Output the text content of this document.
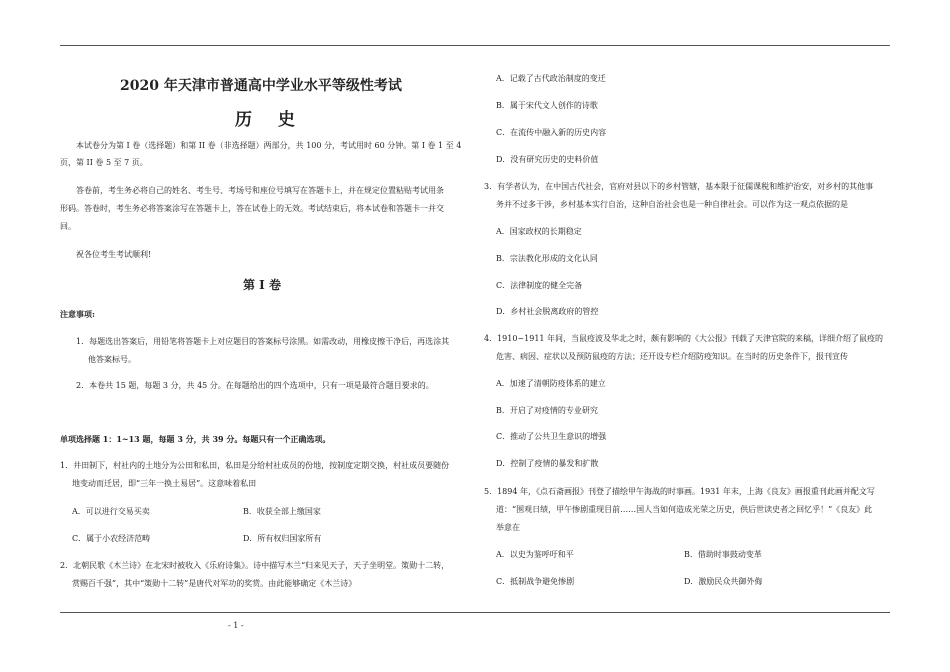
2020 年天津市普通高中学业水平等级性考试
历 史
本试卷分为第 I 卷（选择题）和第 II 卷（非选择题）两部分，共 100 分，考试用时 60 分钟。第 I 卷 1 至 4
页，第 II 卷 5 至 7 页。
答卷前，考生务必将自己的姓名、考生号、考场号和座位号填写在答题卡上，并在规定位置粘贴考试用条
形码。答卷时，考生务必将答案涂写在答题卡上，答在试卷上的无效。考试结束后，将本试卷和答题卡一并交
回。
祝各位考生考试顺利!
第 I 卷
注意事项:
1．每题选出答案后，用铅笔将答题卡上对应题目的答案标号涂黑。如需改动，用橡皮擦干净后，再选涂其
他答案标号。
2．本卷共 15 题，每题 3 分，共 45 分。在每题给出的四个选项中，只有一项是最符合题目要求的。
单项选择题 1：1~13 题，每题 3 分，共 39 分。每题只有一个正确选项。
1．井田制下，村社内的土地分为公田和私田，私田是分给村社成员的份地，按制度定期交换，村社成员要随份
地变动而迁居，即“三年一换土易居”。这意味着私田
A．可以进行交易买卖	B．收获全部上缴国家
C．属于小农经济范畴	D．所有权归国家所有
2．北朝民歌《木兰诗》在北宋时被收入《乐府诗集》。诗中描写木兰“归来见天子，天子坐明堂。策勋十二转，
赏赐百千强”，其中“策勋十二转”是唐代对军功的奖赏。由此能够确定《木兰诗》
A．记载了古代政治制度的变迁
B．属于宋代文人创作的诗歌
C．在流传中融入新的历史内容
D．没有研究历史的史料价值
3．有学者认为，在中国古代社会，官府对县以下的乡村管辖，基本限于征儒课税和维护治安，对乡村的其他事
务并不过多干涉，乡村基本实行自治，这种自治社会也是一种自律社会。可以作为这一观点依据的是
A．国家政权的长期稳定
B．宗法教化形成的文化认同
C．法律制度的健全完备
D．乡村社会脱离政府的管控
4．1910~1911 年间，当鼠疫波及华北之时，颇有影响的《大公报》刊载了天津官院的来稿，详细介绍了鼠疫的
危害、病因、症状以及预防鼠疫的方法；还开设专栏介绍防疫知识。在当时的历史条件下，报刊宣传
A．加速了清朝防疫体系的建立
B．开启了对疫情的专业研究
C．推动了公共卫生意识的增强
D．控制了疫情的暴发和扩散
5．1894 年，《点石斋画报》刊登了描绘甲午海战的时事画。1931 年末，上海《良友》画报重刊此画并配文写
道：“围观日绩，甲午惨剧重现目前……国人当如何造成光荣之历史，供后世读史者之回忆乎！”《良友》此
举意在
A．以史为鉴呼吁和平	B．借助时事鼓动变革
C．抵制战争避免惨剧	D．激励民众共御外侮
- 1 -
